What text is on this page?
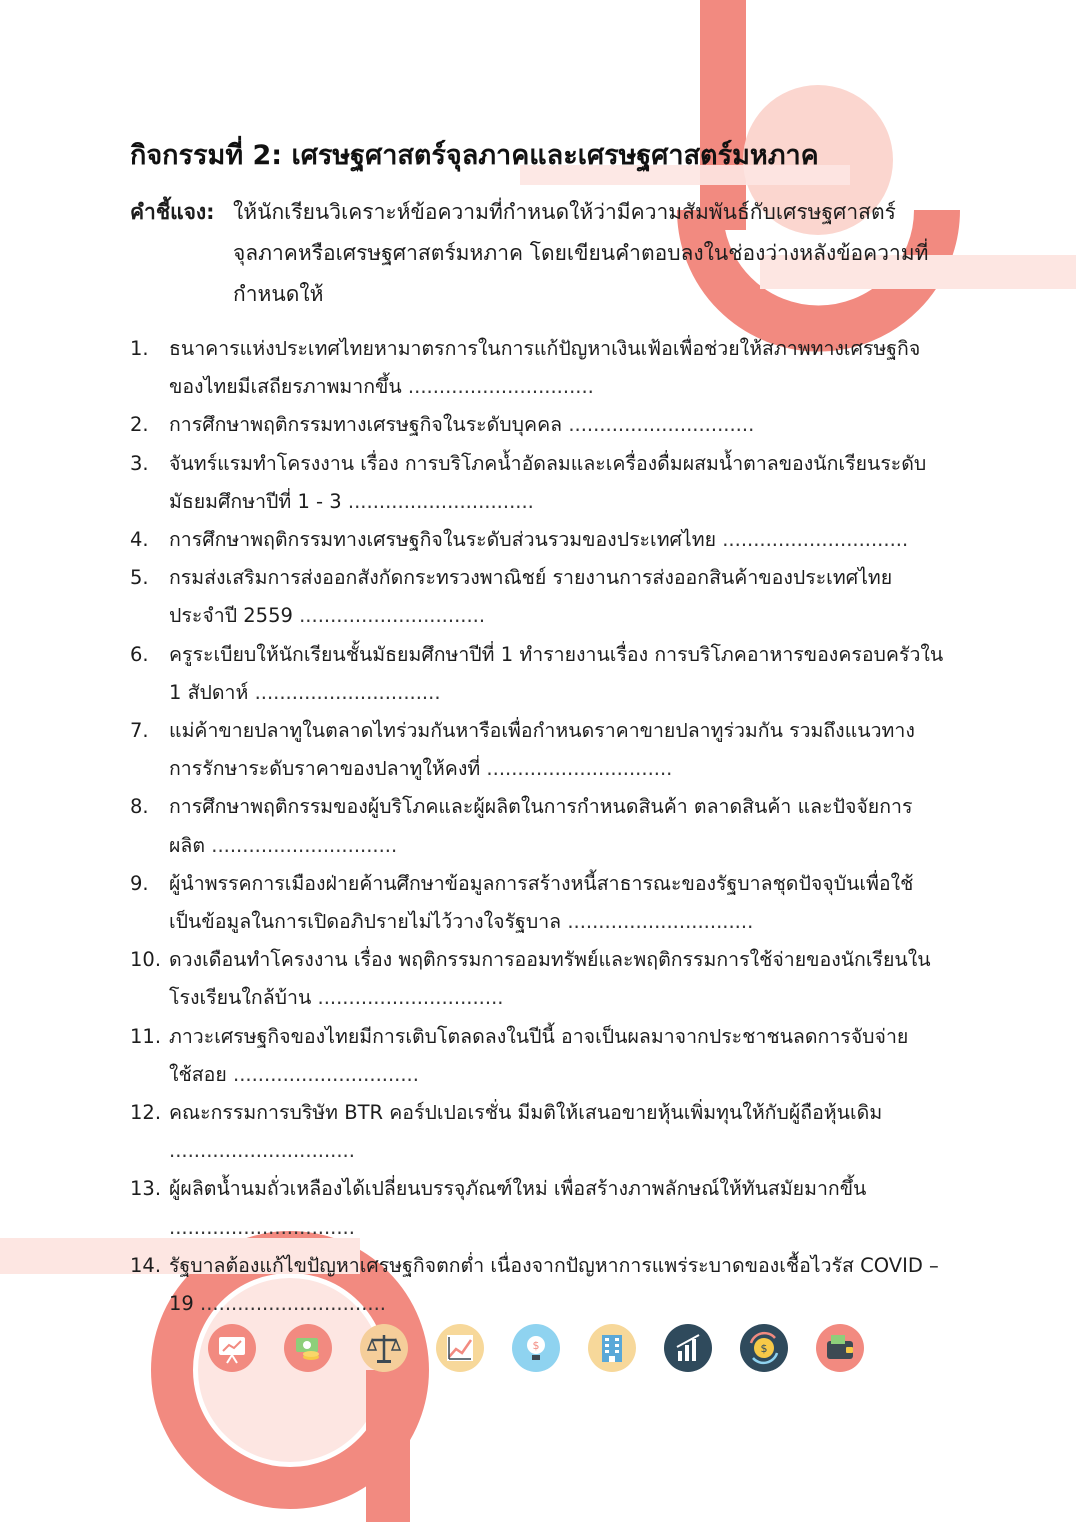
กิจกรรมที่ 2: เศรษฐศาสตร์จุลภาคและเศรษฐศาสตร์มหภาค
คำชี้แจง: ให้นักเรียนวิเคราะห์ข้อความที่กำหนดให้ว่ามีความสัมพันธ์กับเศรษฐศาสตร์จุลภาคหรือเศรษฐศาสตร์มหภาค โดยเขียนคำตอบลงในช่องว่างหลังข้อความที่กำหนดให้
1.	ธนาคารแห่งประเทศไทยหามาตรการในการแก้ปัญหาเงินเฟ้อเพื่อช่วยให้สภาพทางเศรษฐกิจของไทยมีเสถียรภาพมากขึ้น ..............................
2.	การศึกษาพฤติกรรมทางเศรษฐกิจในระดับบุคคล ..............................
3.	จันทร์แรมทำโครงงาน เรื่อง การบริโภคน้ำอัดลมและเครื่องดื่มผสมน้ำตาลของนักเรียนระดับมัธยมศึกษาปีที่ 1 - 3 ..............................
4.	การศึกษาพฤติกรรมทางเศรษฐกิจในระดับส่วนรวมของประเทศไทย ..............................
5.	กรมส่งเสริมการส่งออกสังกัดกระทรวงพาณิชย์ รายงานการส่งออกสินค้าของประเทศไทยประจำปี 2559 ..............................
6.	ครูระเบียบให้นักเรียนชั้นมัธยมศึกษาปีที่ 1 ทำรายงานเรื่อง การบริโภคอาหารของครอบครัวใน 1 สัปดาห์ ..............................
7.	แม่ค้าขายปลาทูในตลาดไทร่วมกันหารือเพื่อกำหนดราคาขายปลาทูร่วมกัน รวมถึงแนวทางการรักษาระดับราคาของปลาทูให้คงที่ ..............................
8.	การศึกษาพฤติกรรมของผู้บริโภคและผู้ผลิตในการกำหนดสินค้า ตลาดสินค้า และปัจจัยการผลิต ..............................
9.	ผู้นำพรรคการเมืองฝ่ายค้านศึกษาข้อมูลการสร้างหนี้สาธารณะของรัฐบาลชุดปัจจุบันเพื่อใช้เป็นข้อมูลในการเปิดอภิปรายไม่ไว้วางใจรัฐบาล ..............................
10. ดวงเดือนทำโครงงาน เรื่อง พฤติกรรมการออมทรัพย์และพฤติกรรมการใช้จ่ายของนักเรียนในโรงเรียนใกล้บ้าน ..............................
11. ภาวะเศรษฐกิจของไทยมีการเติบโตลดลงในปีนี้ อาจเป็นผลมาจากประชาชนลดการจับจ่ายใช้สอย ..............................
12. คณะกรรมการบริษัท BTR คอร์ปเปอเรชั่น มีมติให้เสนอขายหุ้นเพิ่มทุนให้กับผู้ถือหุ้นเดิม ..............................
13. ผู้ผลิตน้ำนมถั่วเหลืองได้เปลี่ยนบรรจุภัณฑ์ใหม่ เพื่อสร้างภาพลักษณ์ให้ทันสมัยมากขึ้น ..............................
14. รัฐบาลต้องแก้ไขปัญหาเศรษฐกิจตกต่ำ เนื่องจากปัญหาการแพร่ระบาดของเชื้อไวรัส COVID – 19 ..............................
$	$
